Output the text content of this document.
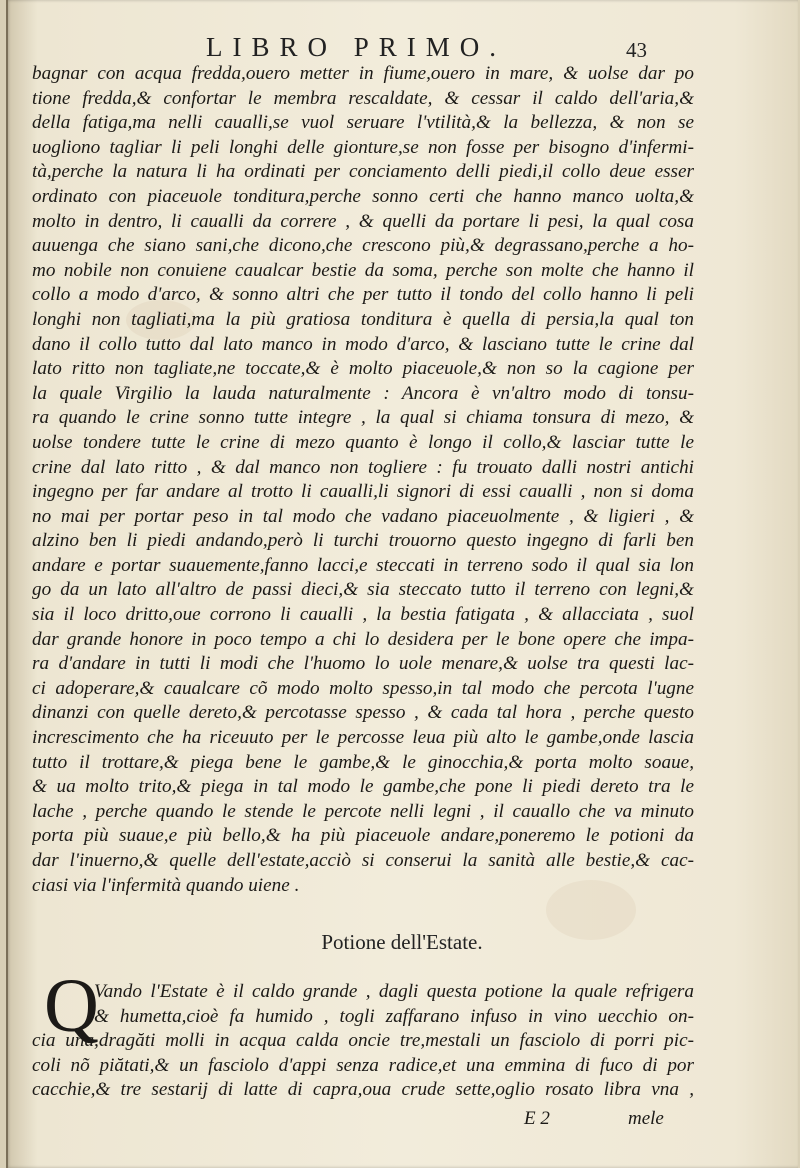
LIBRO PRIMO.	43
bagnar con acqua fredda,ouero metter in fiume,ouero in mare, & uolse dar po
tione fredda,& confortar le membra rescaldate, & cessar il caldo dell'aria,&
della fatiga,ma nelli caualli,se vuol seruare l'vtilità,& la bellezza, & non se
uogliono tagliar li peli longhi delle gionture,se non fosse per bisogno d'infermi-
tà,perche la natura li ha ordinati per conciamento delli piedi,il collo deue esser
ordinato con piaceuole tonditura,perche sonno certi che hanno manco uolta,&
molto in dentro, li caualli da correre , & quelli da portare li pesi, la qual cosa
auuenga che siano sani,che dicono,che crescono più,& degrassano,perche a ho-
mo nobile non conuiene caualcar bestie da soma, perche son molte che hanno il
collo a modo d'arco, & sonno altri che per tutto il tondo del collo hanno li peli
longhi non tagliati,ma la più gratiosa tonditura è quella di persia,la qual ton
dano il collo tutto dal lato manco in modo d'arco, & lasciano tutte le crine dal
lato ritto non tagliate,ne toccate,& è molto piaceuole,& non so la cagione per
la quale Virgilio la lauda naturalmente : Ancora è vn'altro modo di tonsu-
ra quando le crine sonno tutte integre , la qual si chiama tonsura di mezo, &
uolse tondere tutte le crine di mezo quanto è longo il collo,& lasciar tutte le
crine dal lato ritto , & dal manco non togliere : fu trouato dalli nostri antichi
ingegno per far andare al trotto li caualli,li signori di essi caualli , non si doma
no mai per portar peso in tal modo che vadano piaceuolmente , & ligieri , &
alzino ben li piedi andando,però li turchi trouorno questo ingegno di farli ben
andare e portar suauemente,fanno lacci,e steccati in terreno sodo il qual sia lon
go da un lato all'altro de passi dieci,& sia steccato tutto il terreno con legni,&
sia il loco dritto,oue corrono li caualli , la bestia fatigata , & allacciata , suol
dar grande honore in poco tempo a chi lo desidera per le bone opere che impa-
ra d'andare in tutti li modi che l'huomo lo uole menare,& uolse tra questi lac-
ci adoperare,& caualcare cõ modo molto spesso,in tal modo che percota l'ugne
dinanzi con quelle dereto,& percotasse spesso , & cada tal hora , perche questo
increscimento che ha riceuuto per le percosse leua più alto le gambe,onde lascia
tutto il trottare,& piega bene le gambe,& le ginocchia,& porta molto soaue,
& ua molto trito,& piega in tal modo le gambe,che pone li piedi dereto tra le
lache , perche quando le stende le percote nelli legni , il cauallo che va minuto
porta più suaue,e più bello,& ha più piaceuole andare,poneremo le potioni da
dar l'inuerno,& quelle dell'estate,acciò si conserui la sanità alle bestie,& cac-
ciasi via l'infermità quando uiene .
Potione dell'Estate.
Q
Vando l'Estate è il caldo grande , dagli questa potione la quale refrigera
& humetta,cioè fa humido , togli zaffarano infuso in vino uecchio on-
cia una,dragăti molli in acqua calda oncie tre,mestali un fasciolo di porri pic-
coli nõ piătati,& un fasciolo d'appi senza radice,et una emmina di fuco di por
cacchie,& tre sestarij di latte di capra,oua crude sette,oglio rosato libra vna ,
E 2	mele
